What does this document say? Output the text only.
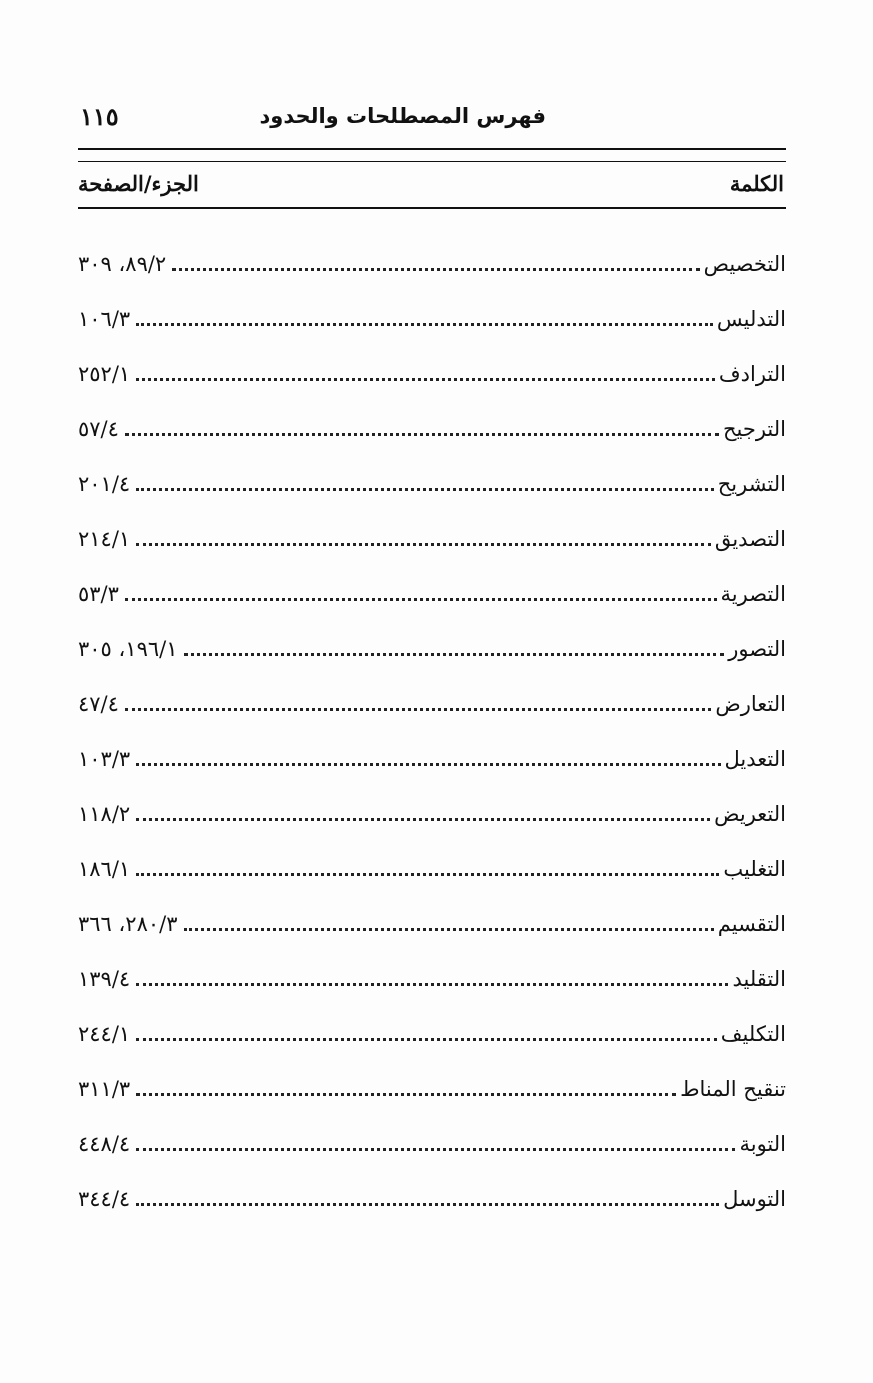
فهرس المصطلحات والحدود
١١٥
الكلمة
الجزء/الصفحة
التخصيص
٨٩/٢، ٣٠٩
التدليس
١٠٦/٣
الترادف
٢٥٢/١
الترجيح
٥٧/٤
التشريح
٢٠١/٤
التصديق
٢١٤/١
التصرية
٥٣/٣
التصور
١٩٦/١، ٣٠٥
التعارض
٤٧/٤
التعديل
١٠٣/٣
التعريض
١١٨/٢
التغليب
١٨٦/١
التقسيم
٢٨٠/٣، ٣٦٦
التقليد
١٣٩/٤
التكليف
٢٤٤/١
تنقيح المناط
٣١١/٣
التوبة
٤٤٨/٤
التوسل
٣٤٤/٤
